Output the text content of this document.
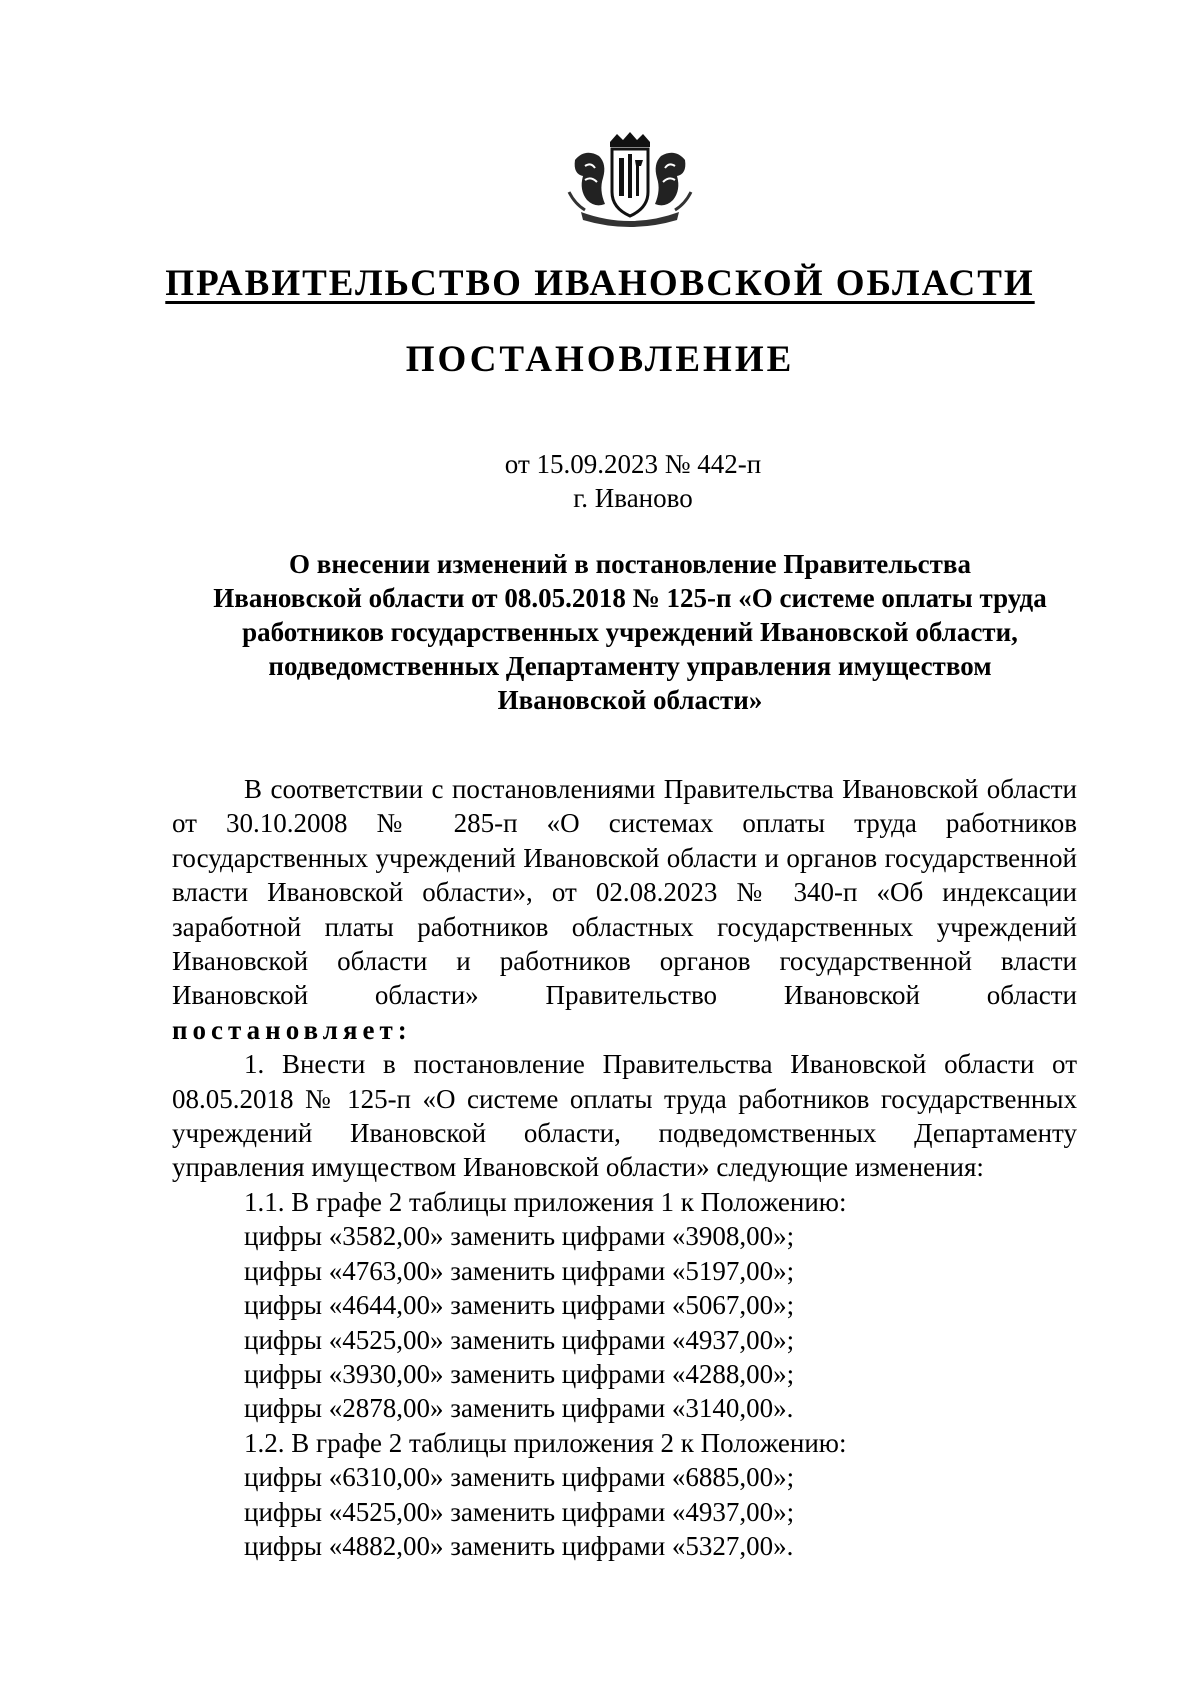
ПРАВИТЕЛЬСТВО ИВАНОВСКОЙ ОБЛАСТИ
ПОСТАНОВЛЕНИЕ
от 15.09.2023 № 442-п
г. Иваново
О внесении изменений в постановление Правительства
Ивановской области от 08.05.2018 № 125-п «О системе оплаты труда
работников государственных учреждений Ивановской области,
подведомственных Департаменту управления имуществом
Ивановской области»

В соответствии с постановлениями Правительства Ивановской области от 30.10.2008 № 285-п «О системах оплаты труда работников государственных учреждений Ивановской области и органов государственной власти Ивановской области», от 02.08.2023 № 340-п «Об индексации заработной платы работников областных государственных учреждений Ивановской области и работников органов государственной власти Ивановской области» Правительство Ивановской области постановляет:

1. Внести в постановление Правительства Ивановской области от 08.05.2018 № 125-п «О системе оплаты труда работников государственных учреждений Ивановской области, подведомственных Департаменту управления имуществом Ивановской области» следующие изменения:

1.1. В графе 2 таблицы приложения 1 к Положению:
цифры «3582,00» заменить цифрами «3908,00»;
цифры «4763,00» заменить цифрами «5197,00»;
цифры «4644,00» заменить цифрами «5067,00»;
цифры «4525,00» заменить цифрами «4937,00»;
цифры «3930,00» заменить цифрами «4288,00»;
цифры «2878,00» заменить цифрами «3140,00».
1.2. В графе 2 таблицы приложения 2 к Положению:
цифры «6310,00» заменить цифрами «6885,00»;
цифры «4525,00» заменить цифрами «4937,00»;
цифры «4882,00» заменить цифрами «5327,00».
